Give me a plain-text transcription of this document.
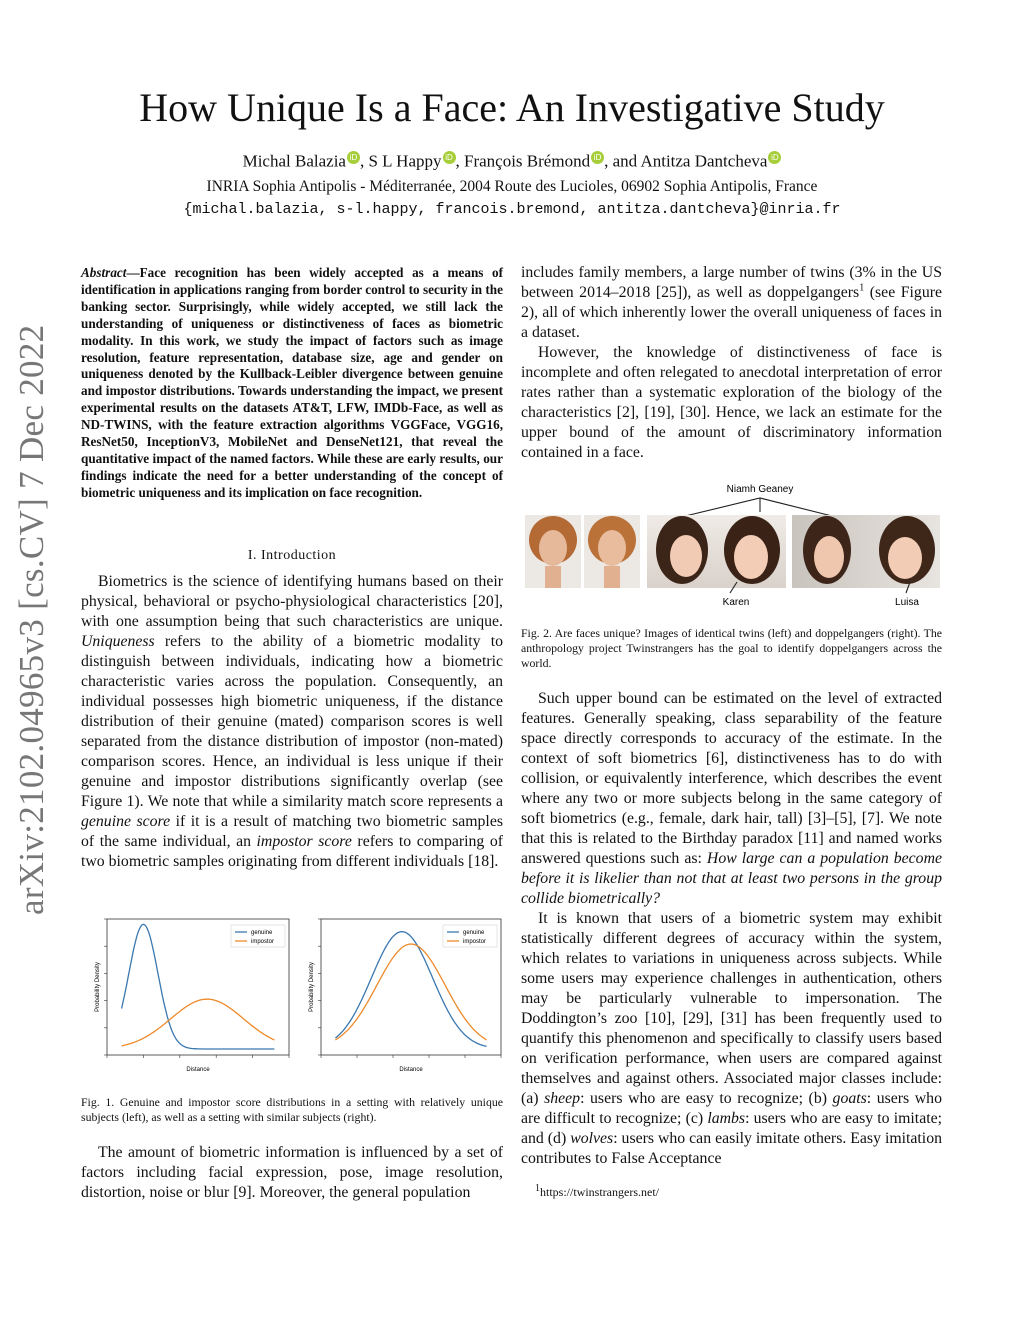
arXiv:2102.04965v3 [cs.CV] 7 Dec 2022
How Unique Is a Face: An Investigative Study
Michal Balazia iD , S L Happy iD , François Brémond iD , and Antitza Dantcheva iD
INRIA Sophia Antipolis - Méditerranée, 2004 Route des Lucioles, 06902 Sophia Antipolis, France
{michal.balazia, s-l.happy, francois.bremond, antitza.dantcheva}@inria.fr
Abstract—Face recognition has been widely accepted as a means of identification in applications ranging from border control to security in the banking sector. Surprisingly, while widely accepted, we still lack the understanding of uniqueness or distinctiveness of faces as biometric modality. In this work, we study the impact of factors such as image resolution, feature representation, database size, age and gender on uniqueness denoted by the Kullback-Leibler divergence between genuine and impostor distributions. Towards understanding the impact, we present experimental results on the datasets AT&T, LFW, IMDb-Face, as well as ND-TWINS, with the feature extraction algorithms VGGFace, VGG16, ResNet50, InceptionV3, MobileNet and DenseNet121, that reveal the quantitative impact of the named factors. While these are early results, our findings indicate the need for a better understanding of the concept of biometric uniqueness and its implication on face recognition.
I. Introduction

Biometrics is the science of identifying humans based on their physical, behavioral or psycho-physiological characteristics [20], with one assumption being that such characteristics are unique. Uniqueness refers to the ability of a biometric modality to distinguish between individuals, indicating how a biometric characteristic varies across the population. Consequently, an individual possesses high biometric uniqueness, if the distance distribution of their genuine (mated) comparison scores is well separated from the distance distribution of impostor (non-mated) comparison scores. Hence, an individual is less unique if their genuine and impostor distributions significantly overlap (see Figure 1). We note that while a similarity match score represents a genuine score if it is a result of matching two biometric samples of the same individual, an impostor score refers to comparing of two biometric samples originating from different individuals [18].

Distance
Probability Density
genuine
impostor
Distance
Probability Density
genuine
impostor
Fig. 1. Genuine and impostor score distributions in a setting with relatively unique subjects (left), as well as a setting with similar subjects (right).

The amount of biometric information is influenced by a set of factors including facial expression, pose, image resolution, distortion, noise or blur [9]. Moreover, the general population

includes family members, a large number of twins (3% in the US between 2014–2018 [25]), as well as doppelgangers$^1$ (see Figure 2), all of which inherently lower the overall uniqueness of faces in a dataset.

However, the knowledge of distinctiveness of face is incomplete and often relegated to anecdotal interpretation of error rates rather than a systematic exploration of the biology of the characteristics [2], [19], [30]. Hence, we lack an estimate for the upper bound of the amount of discriminatory information contained in a face.

Niamh Geaney
Karen	Luisa
Fig. 2. Are faces unique? Images of identical twins (left) and doppelgangers (right). The anthropology project Twinstrangers has the goal to identify doppelgangers across the world.

Such upper bound can be estimated on the level of extracted features. Generally speaking, class separability of the feature space directly corresponds to accuracy of the estimate. In the context of soft biometrics [6], distinctiveness has to do with collision, or equivalently interference, which describes the event where any two or more subjects belong in the same category of soft biometrics (e.g., female, dark hair, tall) [3]–[5], [7]. We note that this is related to the Birthday paradox [11] and named works answered questions such as: How large can a population become before it is likelier than not that at least two persons in the group collide biometrically?

It is known that users of a biometric system may exhibit statistically different degrees of accuracy within the system, which relates to variations in uniqueness across subjects. While some users may experience challenges in authentication, others may be particularly vulnerable to impersonation. The Doddington’s zoo [10], [29], [31] has been frequently used to quantify this phenomenon and specifically to classify users based on verification performance, when users are compared against themselves and against others. Associated major classes include: (a) sheep: users who are easy to recognize; (b) goats: users who are difficult to recognize; (c) lambs: users who are easy to imitate; and (d) wolves: users who can easily imitate others. Easy imitation contributes to False Acceptance

$^1$https://twinstrangers.net/
